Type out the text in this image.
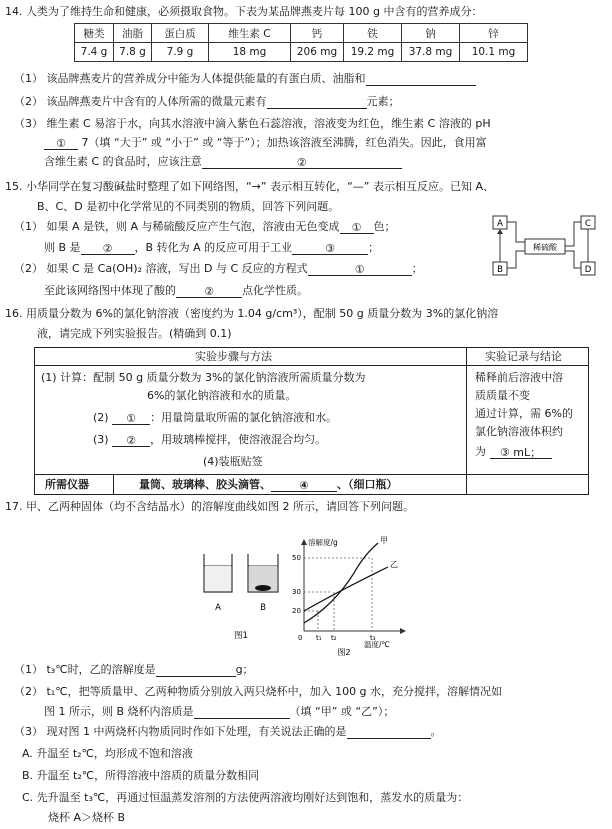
14. 人类为了维持生命和健康，必须摄取食物。下表为某品牌燕麦片每 100 g 中含有的营养成分：
糖类	油脂	蛋白质	维生素 C	钙	铁	钠	锌
7.4 g	7.8 g	7.9 g	18 mg	206 mg	19.2 mg	37.8 mg	10.1 mg
（1） 该品牌燕麦片的营养成分中能为人体提供能量的有蛋白质、油脂和
（2） 该品牌燕麦片中含有的人体所需的微量元素有	元素；
（3） 维生素 C 易溶于水，向其水溶液中滴入紫色石蕊溶液，溶液变为红色，维生素 C 溶液的 pH
① 7（填 “大于” 或 “小于” 或 “等于”）；加热该溶液至沸腾，红色消失。因此，食用富
含维生素 C 的食品时，应该注意	②
15. 小华同学在复习酸碱盐时整理了如下网络图，“→” 表示相互转化，“—” 表示相互反应。已知 A、
B、C、D 是初中化学常见的不同类别的物质，回答下列问题。
（1） 如果 A 是铁，则 A 与稀硫酸反应产生气泡，溶液由无色变成 ① 色；
则 B 是 ② ，B 转化为 A 的反应可用于工业	③	；
（2） 如果 C 是 Ca(OH)₂ 溶液，写出 D 与 C 反应的方程式	①	；
至此该网络图中体现了酸的	②	点化学性质。
A	C
B	D
稀硫酸
16. 用质量分数为 6%的氯化钠溶液（密度约为 1.04 g/cm³），配制 50 g 质量分数为 3%的氯化钠溶
液，请完成下列实验报告。(精确到 0.1)
实验步骤与方法	实验记录与结论
(1) 计算：配制 50 g 质量分数为 3%的氯化钠溶液所需质量分数为
6%的氯化钠溶液和水的质量。
(2) ① ：用量筒量取所需的氯化钠溶液和水。
(3) ② ，用玻璃棒搅拌，使溶液混合均匀。
(4)装瓶贴签
稀释前后溶液中溶
质质量不变
通过计算，需 6%的
氯化钠溶液体积约
为 ③ mL；
所需仪器	量筒、玻璃棒、胶头滴管、	④	、（细口瓶）
17. 甲、乙两种固体（均不含结晶水）的溶解度曲线如图 2 所示，请回答下列问题。
A	B
图1
溶解度/g
温度/℃
50
30
20
0 t₁ t₂	t₃
甲
乙
图2
（1） t₃℃时，乙的溶解度是	g；
（2） t₁℃，把等质量甲、乙两种物质分别放入两只烧杯中，加入 100 g 水，充分搅拌，溶解情况如
图 1 所示，则 B 烧杯内溶质是	（填 “甲” 或 “乙”）；
（3） 现对图 1 中两烧杯内物质同时作如下处理，有关说法正确的是	。
A. 升温至 t₂℃，均形成不饱和溶液
B. 升温至 t₂℃，所得溶液中溶质的质量分数相同
C. 先升温至 t₃℃，再通过恒温蒸发溶剂的方法使两溶液均刚好达到饱和，蒸发水的质量为：
烧杯 A＞烧杯 B
